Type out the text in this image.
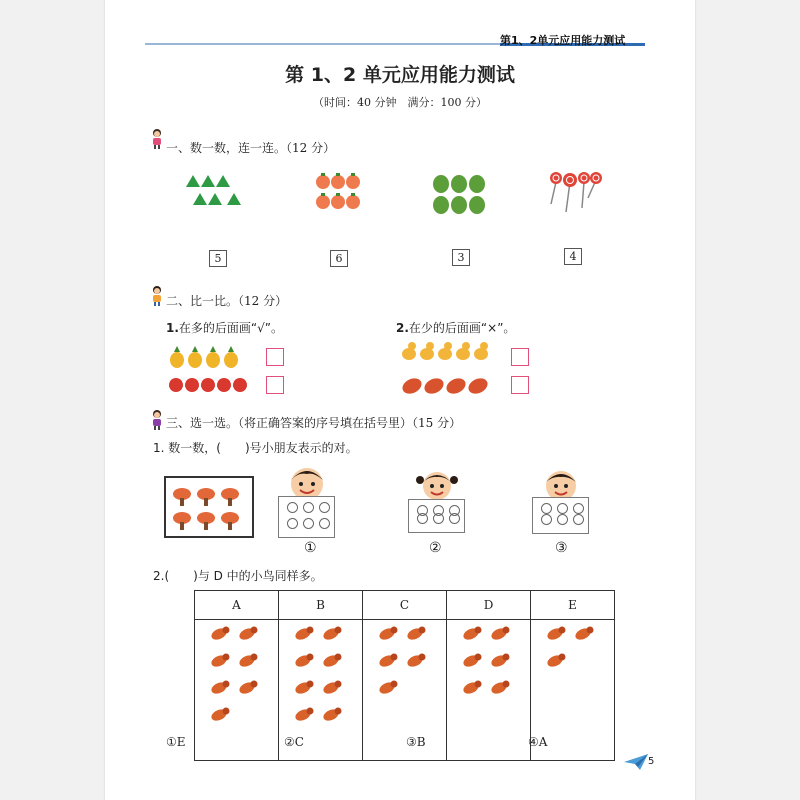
第1、2单元应用能力测试
第 1、2 单元应用能力测试
（时间：40 分钟　满分：100 分）
一、数一数，连一连。（12 分）
5	6	3	4
二、比一比。（12 分）
1.在多的后面画“√”。	2.在少的后面画“×”。
三、选一选。（将正确答案的序号填在括号里）（15 分）
1. 数一数，(　　)号小朋友表示的对。
①	②	③
2.(　　)与 D 中的小鸟同样多。
A	B	C	D	E

①E	②C	③B	④A
5
